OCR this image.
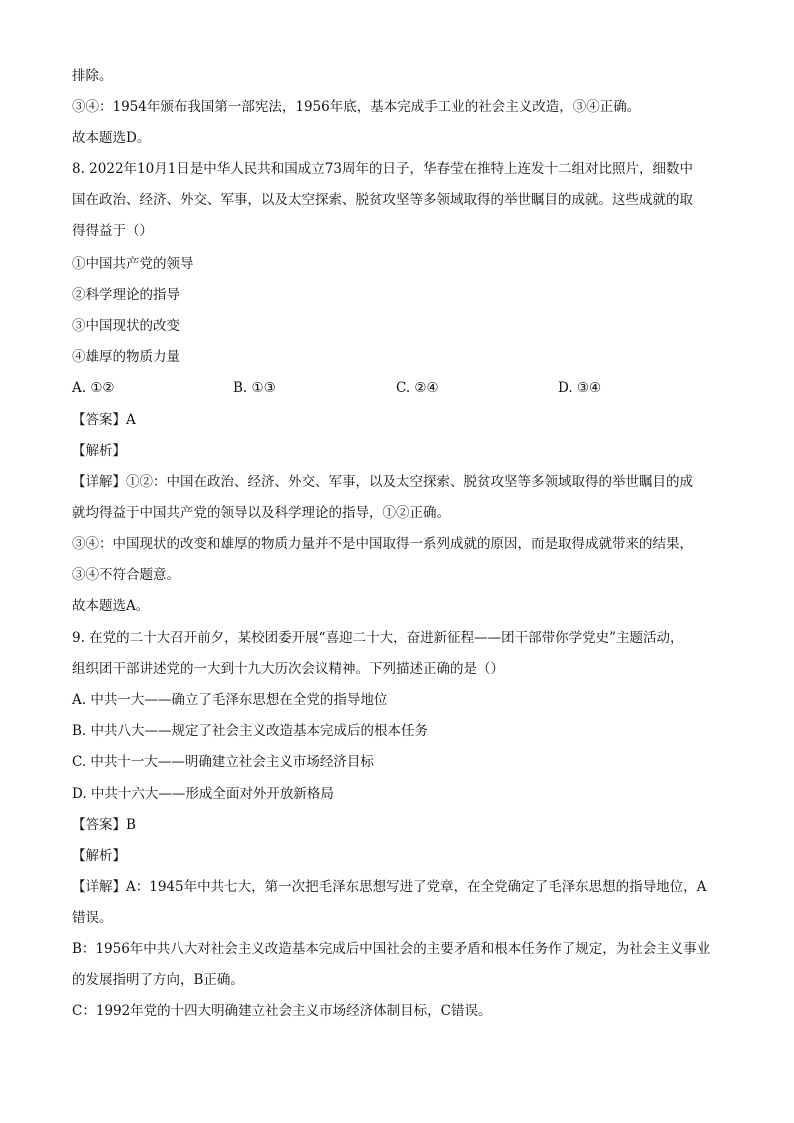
排除。
③④：1954年颁布我国第一部宪法，1956年底，基本完成手工业的社会主义改造，③④正确。
故本题选D。
8. 2022年10月1日是中华人民共和国成立73周年的日子，华春莹在推特上连发十二组对比照片，细数中
国在政治、经济、外交、军事，以及太空探索、脱贫攻坚等多领域取得的举世瞩目的成就。这些成就的取
得得益于（）
①中国共产党的领导
②科学理论的指导
③中国现状的改变
④雄厚的物质力量
A. ①②	B. ①③	C. ②④	D. ③④
【答案】A
【解析】
【详解】①②：中国在政治、经济、外交、军事，以及太空探索、脱贫攻坚等多领域取得的举世瞩目的成
就均得益于中国共产党的领导以及科学理论的指导，①②正确。
③④：中国现状的改变和雄厚的物质力量并不是中国取得一系列成就的原因，而是取得成就带来的结果，
③④不符合题意。
故本题选A。
9. 在党的二十大召开前夕，某校团委开展“喜迎二十大，奋进新征程——团干部带你学党史”主题活动，
组织团干部讲述党的一大到十九大历次会议精神。下列描述正确的是（）
A. 中共一大——确立了毛泽东思想在全党的指导地位
B. 中共八大——规定了社会主义改造基本完成后的根本任务
C. 中共十一大——明确建立社会主义市场经济目标
D. 中共十六大——形成全面对外开放新格局
【答案】B
【解析】
【详解】A：1945年中共七大，第一次把毛泽东思想写进了党章，在全党确定了毛泽东思想的指导地位，A
错误。
B：1956年中共八大对社会主义改造基本完成后中国社会的主要矛盾和根本任务作了规定，为社会主义事业
的发展指明了方向，B正确。
C：1992年党的十四大明确建立社会主义市场经济体制目标，C错误。
